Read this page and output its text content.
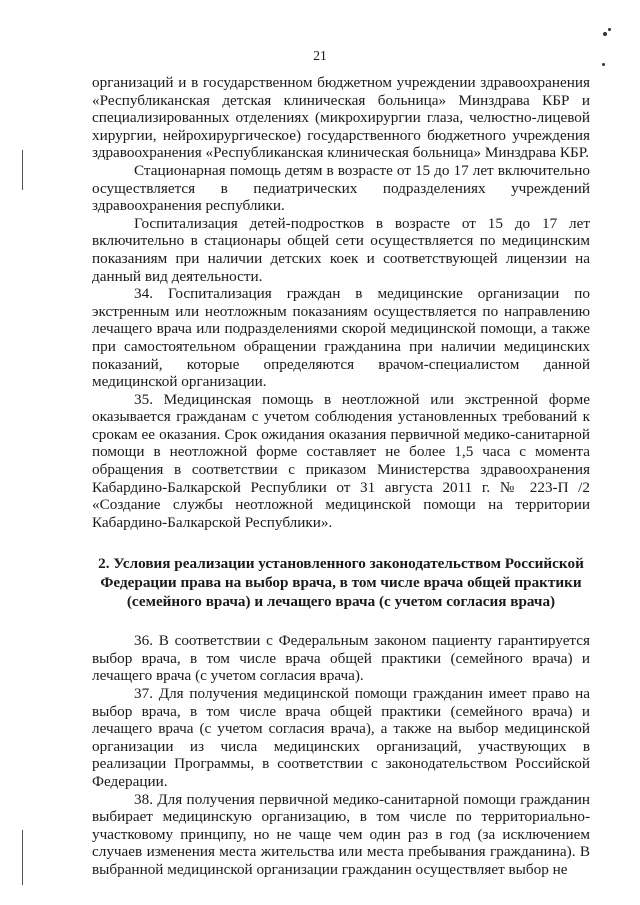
21

организаций и в государственном бюджетном учреждении здравоохранения «Республиканская детская клиническая больница» Минздрава КБР и специализированных отделениях (микрохирургии глаза, челюстно-лицевой хирургии, нейрохирургическое) государственного бюджетного учреждения здравоохранения «Республиканская клиническая больница» Минздрава КБР.

Стационарная помощь детям в возрасте от 15 до 17 лет включительно осуществляется в педиатрических подразделениях учреждений здравоохранения республики.

Госпитализация детей-подростков в возрасте от 15 до 17 лет включительно в стационары общей сети осуществляется по медицинским показаниям при наличии детских коек и соответствующей лицензии на данный вид деятельности.

34. Госпитализация граждан в медицинские организации по экстренным или неотложным показаниям осуществляется по направлению лечащего врача или подразделениями скорой медицинской помощи, а также при самостоятельном обращении гражданина при наличии медицинских показаний, которые определяются врачом-специалистом данной медицинской организации.

35. Медицинская помощь в неотложной или экстренной форме оказывается гражданам с учетом соблюдения установленных требований к срокам ее оказания. Срок ожидания оказания первичной медико-санитарной помощи в неотложной форме составляет не более 1,5 часа с момента обращения в соответствии с приказом Министерства здравоохранения Кабардино-Балкарской Республики от 31 августа 2011 г. № 223-П /2 «Создание службы неотложной медицинской помощи на территории Кабардино-Балкарской Республики».

2. Условия реализации установленного законодательством Российской Федерации права на выбор врача, в том числе врача общей практики (семейного врача) и лечащего врача (с учетом согласия врача)

36. В соответствии с Федеральным законом пациенту гарантируется выбор врача, в том числе врача общей практики (семейного врача) и лечащего врача (с учетом согласия врача).

37. Для получения медицинской помощи гражданин имеет право на выбор врача, в том числе врача общей практики (семейного врача) и лечащего врача (с учетом согласия врача), а также на выбор медицинской организации из числа медицинских организаций, участвующих в реализации Программы, в соответствии с законодательством Российской Федерации.

38. Для получения первичной медико-санитарной помощи гражданин выбирает медицинскую организацию, в том числе по территориально-участковому принципу, но не чаще чем один раз в год (за исключением случаев изменения места жительства или места пребывания гражданина). В выбранной медицинской организации гражданин осуществляет выбор не
